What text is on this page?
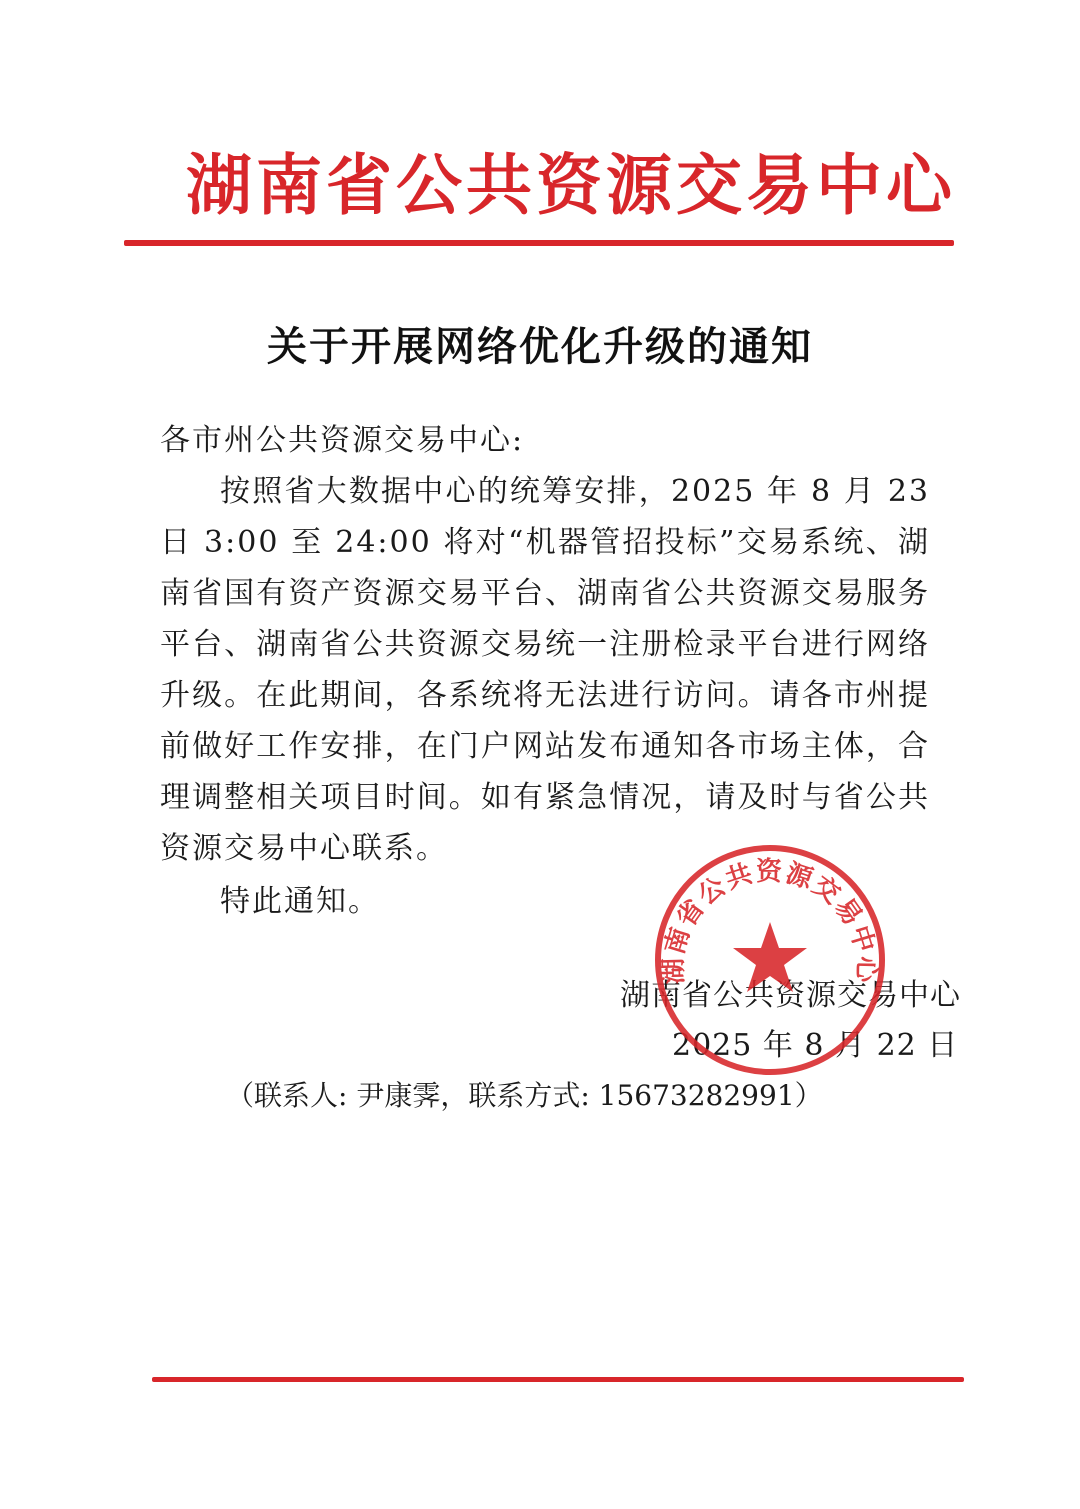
湖南省公共资源交易中心
关于开展网络优化升级的通知

各市州公共资源交易中心:

按照省大数据中心的统筹安排，2025 年 8 月 23 日 3:00 至 24:00 将对“机器管招投标”交易系统、湖南省国有资产资源交易平台、湖南省公共资源交易服务平台、湖南省公共资源交易统一注册检录平台进行网络升级。在此期间，各系统将无法进行访问。请各市州提前做好工作安排，在门户网站发布通知各市场主体，合理调整相关项目时间。如有紧急情况，请及时与省公共资源交易中心联系。

特此通知。

湖南省公共资源交易中心
2025 年 8 月 22 日
湖南省公共资源交易中心
（联系人: 尹康霁，联系方式: 15673282991）
